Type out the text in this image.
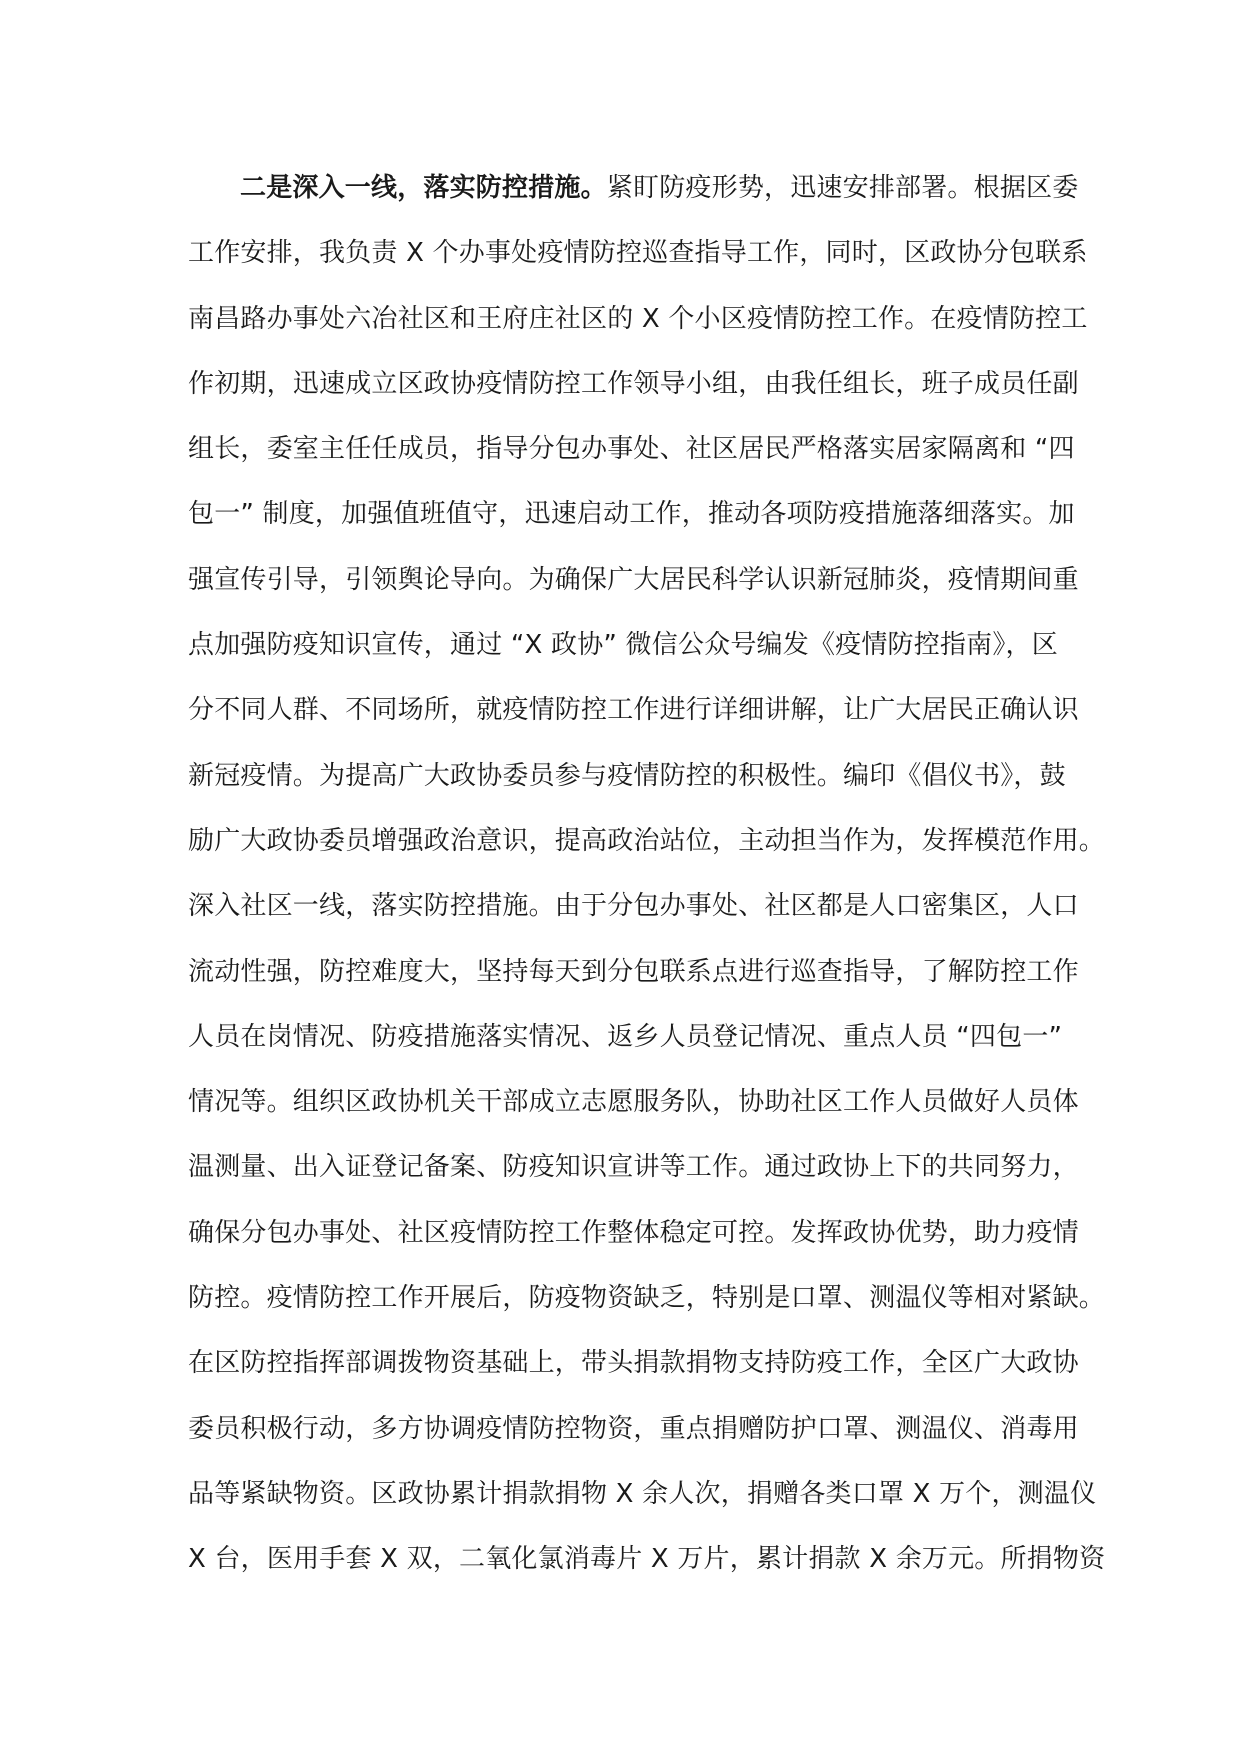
二是深入一线，落实防控措施。紧盯防疫形势，迅速安排部署。根据区委
工作安排，我负责 X 个办事处疫情防控巡查指导工作，同时，区政协分包联系
南昌路办事处六冶社区和王府庄社区的 X 个小区疫情防控工作。在疫情防控工
作初期，迅速成立区政协疫情防控工作领导小组，由我任组长，班子成员任副
组长，委室主任任成员，指导分包办事处、社区居民严格落实居家隔离和 “四
包一” 制度，加强值班值守，迅速启动工作，推动各项防疫措施落细落实。加
强宣传引导，引领舆论导向。为确保广大居民科学认识新冠肺炎，疫情期间重
点加强防疫知识宣传，通过 “X 政协” 微信公众号编发《疫情防控指南》，区
分不同人群、不同场所，就疫情防控工作进行详细讲解，让广大居民正确认识
新冠疫情。为提高广大政协委员参与疫情防控的积极性。编印《倡仪书》，鼓
励广大政协委员增强政治意识，提高政治站位，主动担当作为，发挥模范作用。
深入社区一线，落实防控措施。由于分包办事处、社区都是人口密集区，人口
流动性强，防控难度大，坚持每天到分包联系点进行巡查指导，了解防控工作
人员在岗情况、防疫措施落实情况、返乡人员登记情况、重点人员 “四包一”
情况等。组织区政协机关干部成立志愿服务队，协助社区工作人员做好人员体
温测量、出入证登记备案、防疫知识宣讲等工作。通过政协上下的共同努力，
确保分包办事处、社区疫情防控工作整体稳定可控。发挥政协优势，助力疫情
防控。疫情防控工作开展后，防疫物资缺乏，特别是口罩、测温仪等相对紧缺。
在区防控指挥部调拨物资基础上，带头捐款捐物支持防疫工作，全区广大政协
委员积极行动，多方协调疫情防控物资，重点捐赠防护口罩、测温仪、消毒用
品等紧缺物资。区政协累计捐款捐物 X 余人次，捐赠各类口罩 X 万个，测温仪
X 台，医用手套 X 双，二氧化氯消毒片 X 万片，累计捐款 X 余万元。所捐物资
